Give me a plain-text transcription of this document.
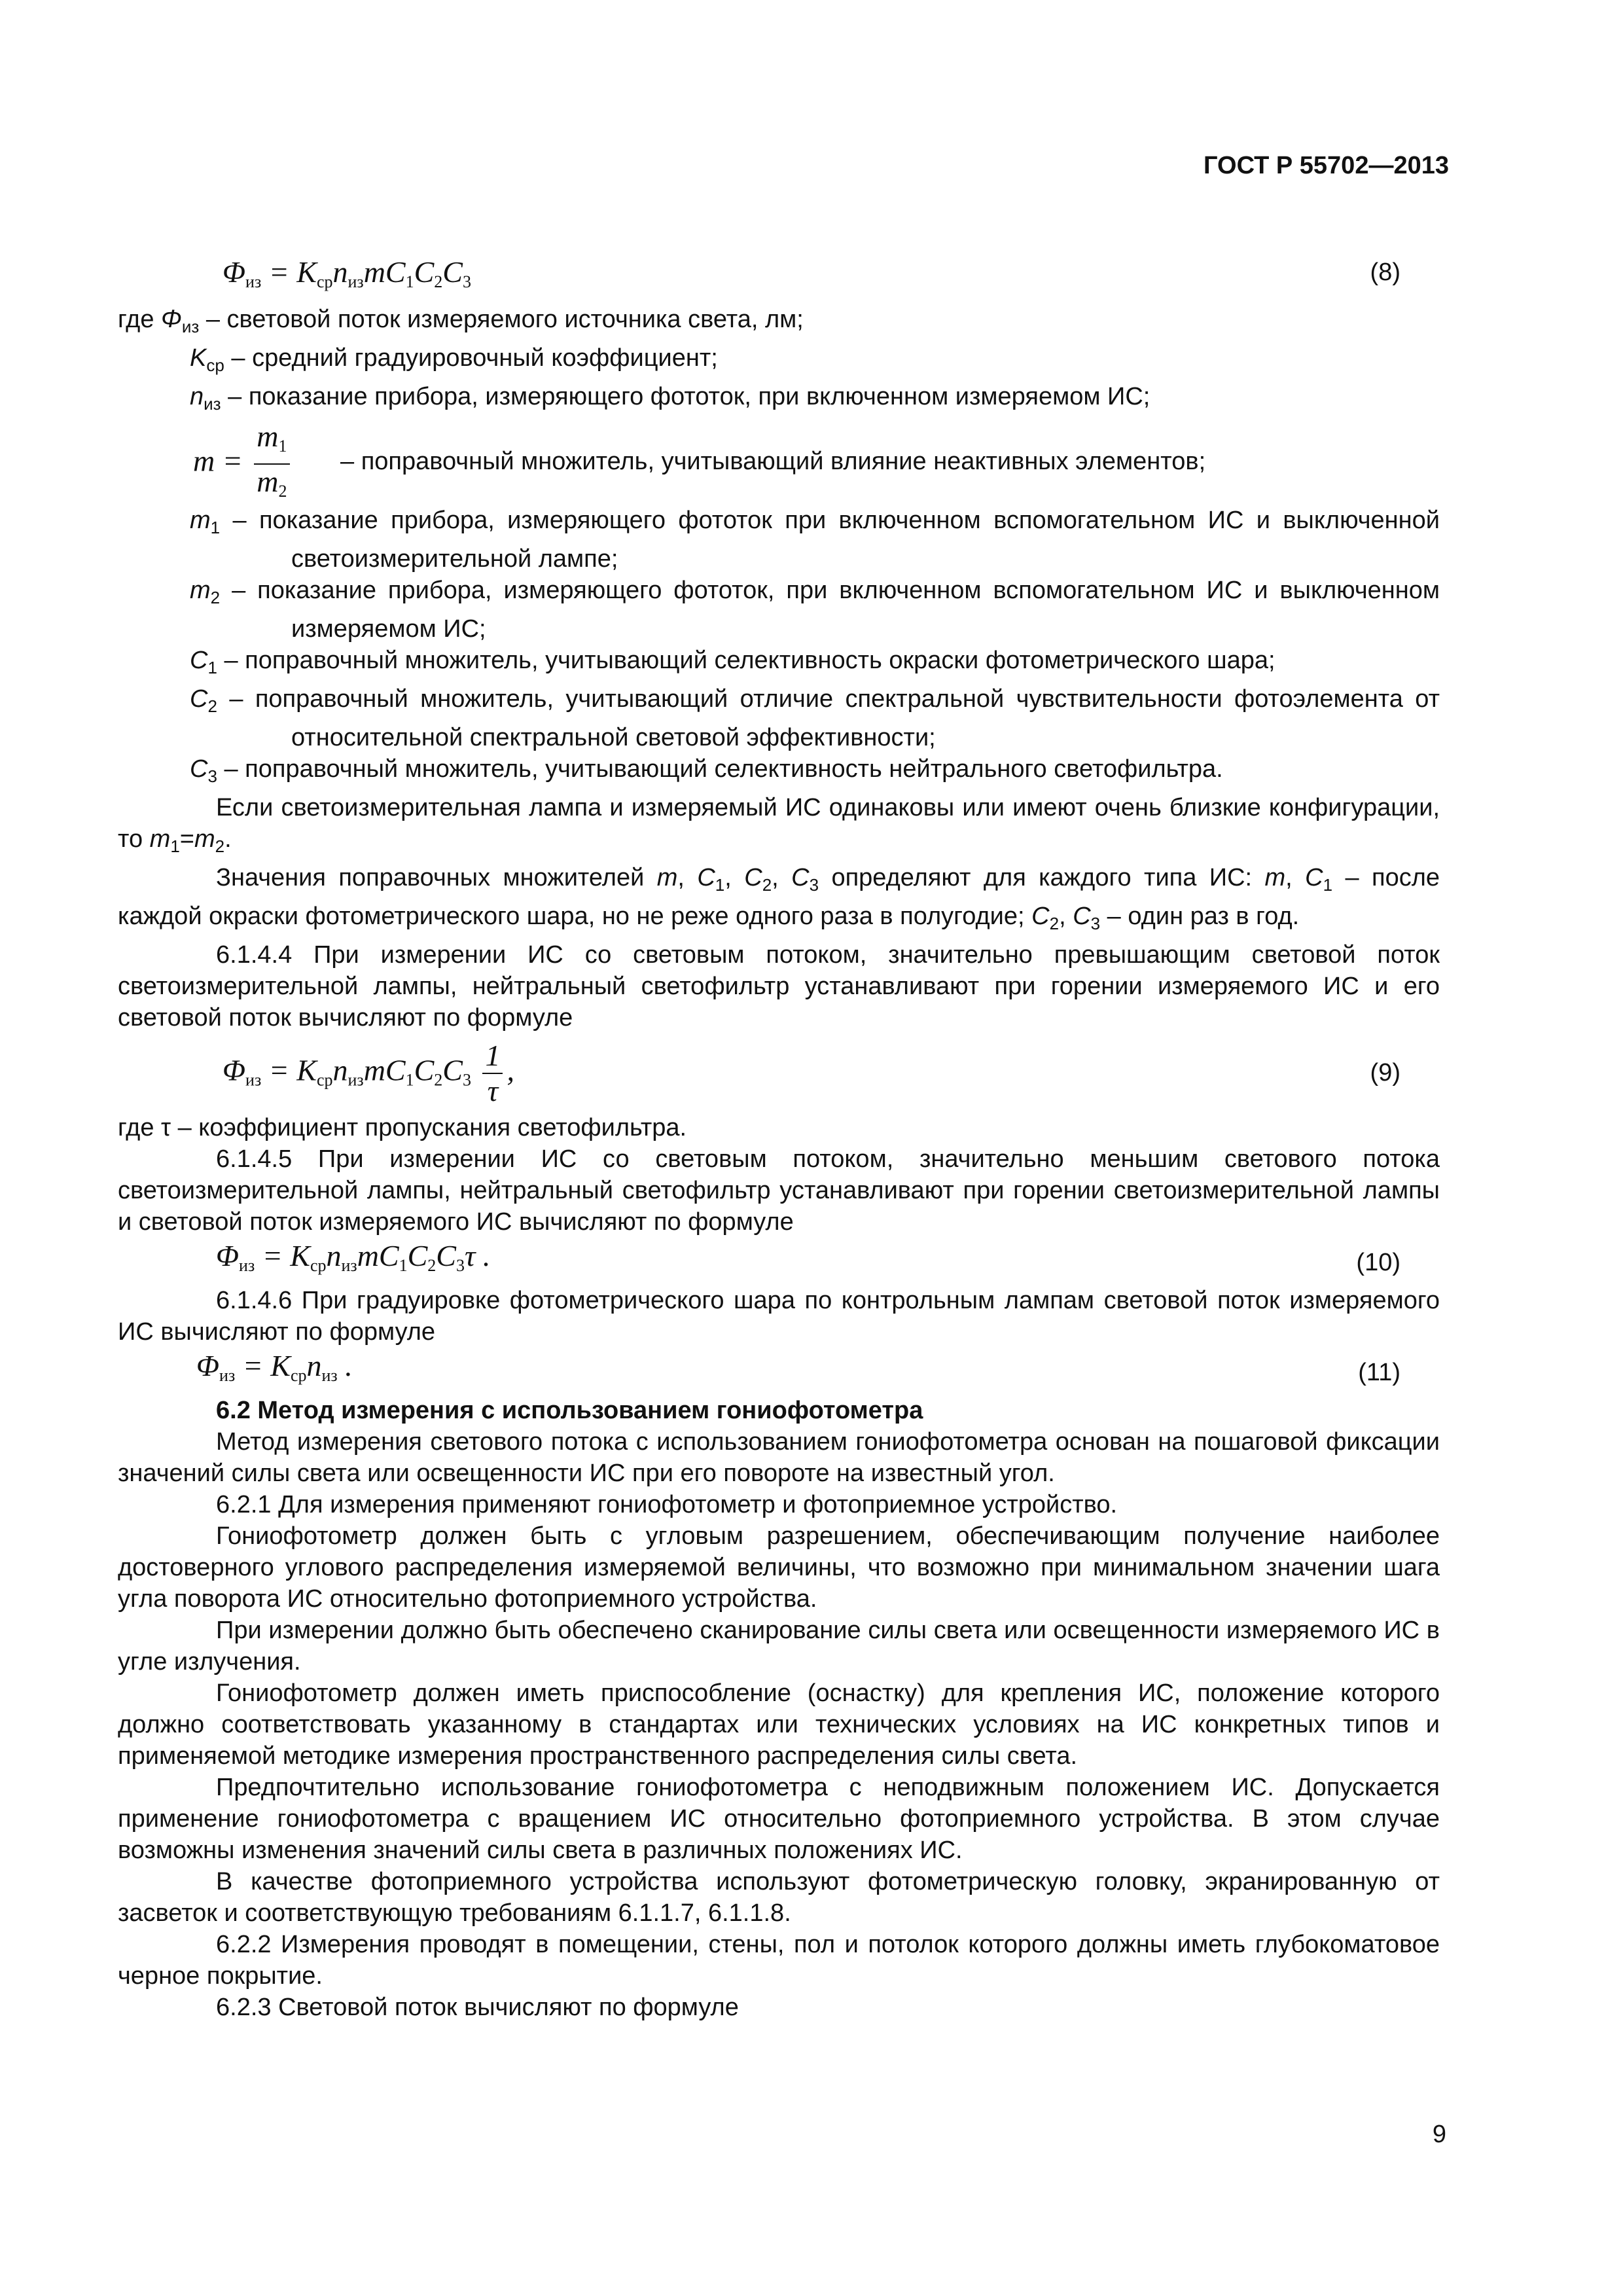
ГОСТ Р 55702—2013
$\Phi_{из} = K_{ср}n_{из}mC_1C_2C_3$	(8)

где $\Phi_{из}$ – световой поток измеряемого источника света, лм;

$K_{ср}$ – средний градуировочный коэффициент;

$n_{из}$ – показание прибора, измеряющего фототок, при включенном измеряемом ИС;

$m = \frac{m_1}{m_2}$ – поправочный множитель, учитывающий влияние неактивных элементов;

$m_1$ – показание прибора, измеряющего фототок при включенном вспомогательном ИС и выключенной светоизмерительной лампе;

$m_2$ – показание прибора, измеряющего фототок, при включенном вспомогательном ИС и выключенном измеряемом ИС;

$C_1$ – поправочный множитель, учитывающий селективность окраски фотометрического шара;

$C_2$ – поправочный множитель, учитывающий отличие спектральной чувствительности фотоэлемента от относительной спектральной световой эффективности;

$C_3$ – поправочный множитель, учитывающий селективность нейтрального светофильтра.

Если светоизмерительная лампа и измеряемый ИС одинаковы или имеют очень близкие конфигурации, то $m_1=m_2$.

Значения поправочных множителей m, $C_1$, $C_2$, $C_3$ определяют для каждого типа ИС: m, $C_1$ – после каждой окраски фотометрического шара, но не реже одного раза в полугодие; $C_2$, $C_3$ – один раз в год.

6.1.4.4 При измерении ИС со световым потоком, значительно превышающим световой поток светоизмерительной лампы, нейтральный светофильтр устанавливают при горении измеряемого ИС и его световой поток вычисляют по формуле

$\Phi_{из} = K_{ср}n_{из}mC_1C_2C_3 \frac{1}{\tau}$ ,	(9)

где τ – коэффициент пропускания светофильтра.

6.1.4.5 При измерении ИС со световым потоком, значительно меньшим светового потока светоизмерительной лампы, нейтральный светофильтр устанавливают при горении светоизмерительной лампы и световой поток измеряемого ИС вычисляют по формуле

$\Phi_{из} = K_{ср}n_{из}mC_1C_2C_3\tau$ .	(10)

6.1.4.6 При градуировке фотометрического шара по контрольным лампам световой поток измеряемого ИС вычисляют по формуле

$\Phi_{из} = K_{ср}n_{из}$ .	(11)

6.2 Метод измерения с использованием гониофотометра

Метод измерения светового потока с использованием гониофотометра основан на пошаговой фиксации значений силы света или освещенности ИС при его повороте на известный угол.

6.2.1 Для измерения применяют гониофотометр и фотоприемное устройство.

Гониофотометр должен быть с угловым разрешением, обеспечивающим получение наиболее достоверного углового распределения измеряемой величины, что возможно при минимальном значении шага угла поворота ИС относительно фотоприемного устройства.

При измерении должно быть обеспечено сканирование силы света или освещенности измеряемого ИС в угле излучения.

Гониофотометр должен иметь приспособление (оснастку) для крепления ИС, положение которого должно соответствовать указанному в стандартах или технических условиях на ИС конкретных типов и применяемой методике измерения пространственного распределения силы света.

Предпочтительно использование гониофотометра с неподвижным положением ИС. Допускается применение гониофотометра с вращением ИС относительно фотоприемного устройства. В этом случае возможны изменения значений силы света в различных положениях ИС.

В качестве фотоприемного устройства используют фотометрическую головку, экранированную от засветок и соответствующую требованиям 6.1.1.7, 6.1.1.8.

6.2.2 Измерения проводят в помещении, стены, пол и потолок которого должны иметь глубокоматовое черное покрытие.

6.2.3 Световой поток вычисляют по формуле

9
